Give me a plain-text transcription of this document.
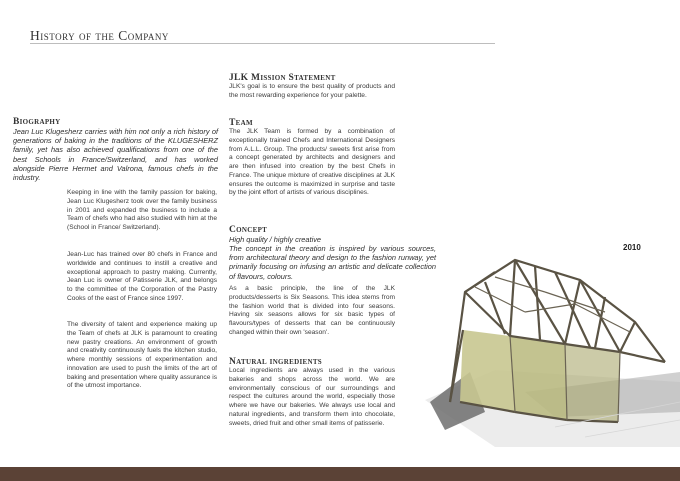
History of the Company
Biography

Jean Luc Klugesherz carries with him not only a rich history of generations of baking in the traditions of the KLUGESHERZ family, yet has also achieved qualifications from one of the best Schools in France/Switzerland, and has worked alongside Pierre Hermet and Valrona, famous chefs in the industry.

Keeping in line with the family passion for baking, Jean Luc Klugesherz took over the family business in 2001 and expanded the business to include a Team of chefs who had also studied with him at the (School in France/ Switzerland).

Jean-Luc has trained over 80 chefs in France and worldwide and continues to instill a creative and exceptional approach to pastry making. Currently, Jean Luc is owner of Patisserie JLK, and belongs to the committee of the Corporation of the Pastry Cooks of the east of France since 1997.

The diversity of talent and experience making up the Team of chefs at JLK is paramount to creating new pastry creations. An environment of growth and creativity continuously fuels the kitchen studio, where monthly sessions of experimentation and innovation are used to push the limits of the art of baking and presentation where quality assurance is of the utmost importance.

JLK Mission Statement

JLK's goal is to ensure the best quality of products and the most rewarding experience for your palette.

Team

The JLK Team is formed by a combination of exceptionally trained Chefs and International Designers from A.L.L. Group. The products/ sweets first arise from a concept generated by architects and designers and are then infused into creation by the best Chefs in France. The unique mixture of creative disciplines at JLK ensures the outcome is maximized in surprise and taste by the joint effort of artists of various disciplines.

Concept

High quality / highly creative

The concept in the creation is inspired by various sources, from architectural theory and design to the fashion runway, yet primarily focusing on infusing an artistic and delicate collection of flavours, colours.

As a basic principle, the line of the JLK products/desserts is Six Seasons. This idea stems from the fashion world that is divided into four seasons. Having six seasons allows for six basic types of flavours/types of desserts that can be continuously changed within their own 'season'.

Natural ingredients

Local ingredients are always used in the various bakeries and shops across the world. We are environmentally conscious of our surroundings and respect the cultures around the world, especially those where we have our bakeries. We always use local and natural ingredients, and transform them into chocolate, sweets, dried fruit and other small items of patisserie.

2010
